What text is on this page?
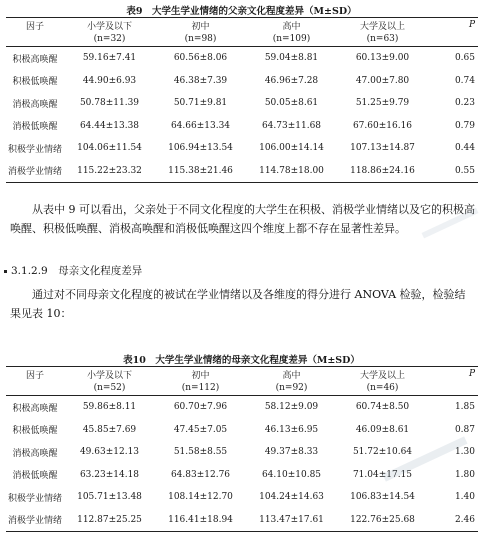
表9　大学生学业情绪的父亲文化程度差异（M±SD）
因子	小学及以下	初中	高中	大学及以上	P
	(n=32)	(n=98)	(n=109)	(n=63)	
积极高唤醒	59.16±7.41	60.56±8.06	59.04±8.81	60.13±9.00	0.65
积极低唤醒	44.90±6.93	46.38±7.39	46.96±7.28	47.00±7.80	0.74
消极高唤醒	50.78±11.39	50.71±9.81	50.05±8.61	51.25±9.79	0.23
消极低唤醒	64.44±13.38	64.66±13.34	64.73±11.68	67.60±16.16	0.79
积极学业情绪	104.06±11.54	106.94±13.54	106.00±14.14	107.13±14.87	0.44
消极学业情绪	115.22±23.32	115.38±21.46	114.78±18.00	118.86±24.16	0.55
从表中 9 可以看出，父亲处于不同文化程度的大学生在积极、消极学业情绪以及它的积极高唤醒、积极低唤醒、消极高唤醒和消极低唤醒这四个维度上都不存在显著性差异。
3.1.2.9　母亲文化程度差异
通过对不同母亲文化程度的被试在学业情绪以及各维度的得分进行 ANOVA 检验，检验结果见表 10：
表10　大学生学业情绪的母亲文化程度差异（M±SD）
因子	小学及以下	初中	高中	大学及以上	P
	(n=52)	(n=112)	(n=92)	(n=46)	
积极高唤醒	59.86±8.11	60.70±7.96	58.12±9.09	60.74±8.50	1.85
积极低唤醒	45.85±7.69	47.45±7.05	46.13±6.95	46.09±8.61	0.87
消极高唤醒	49.63±12.13	51.58±8.55	49.37±8.33	51.72±10.64	1.30
消极低唤醒	63.23±14.18	64.83±12.76	64.10±10.85	71.04±17.15	1.80
积极学业情绪	105.71±13.48	108.14±12.70	104.24±14.63	106.83±14.54	1.40
消极学业情绪	112.87±25.25	116.41±18.94	113.47±17.61	122.76±25.68	2.46
